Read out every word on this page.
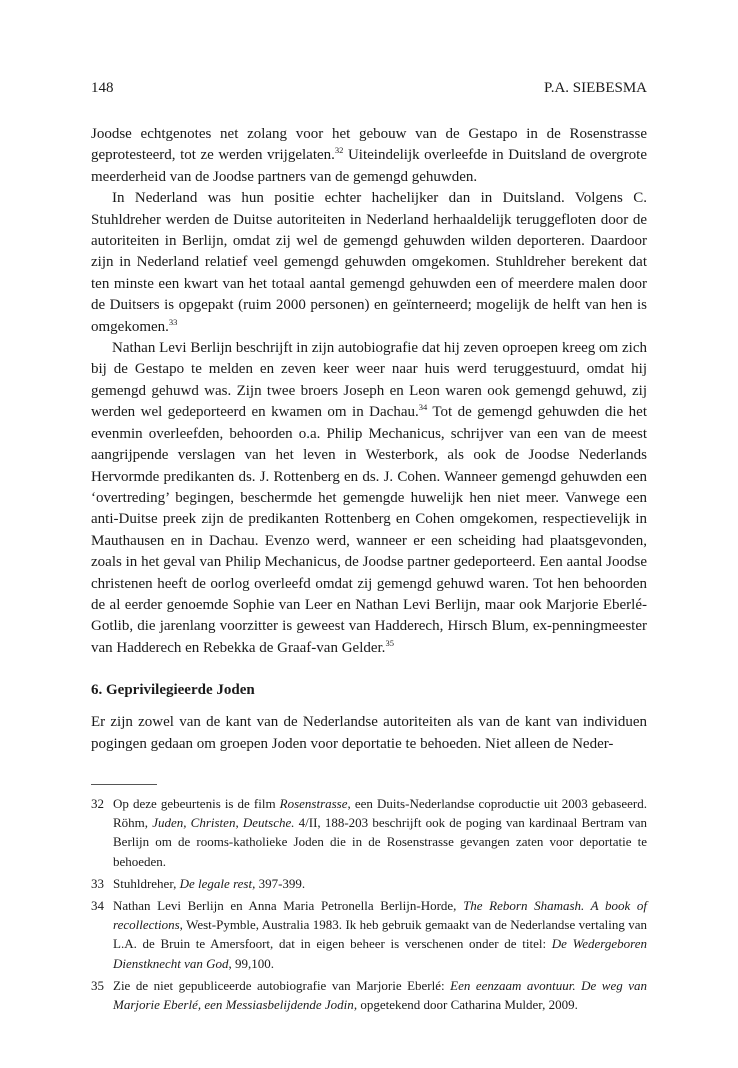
148	P.A. SIEBESMA

Joodse echtgenotes net zolang voor het gebouw van de Gestapo in de Rosenstrasse geprotesteerd, tot ze werden vrijgelaten.$^{32}$ Uiteindelijk overleefde in Duitsland de overgrote meerderheid van de Joodse partners van de gemengd gehuwden.

In Nederland was hun positie echter hachelijker dan in Duitsland. Volgens C. Stuhldreher werden de Duitse autoriteiten in Nederland herhaaldelijk teruggefloten door de autoriteiten in Berlijn, omdat zij wel de gemengd gehuwden wilden deporteren. Daardoor zijn in Nederland relatief veel gemengd gehuwden omgekomen. Stuhldreher berekent dat ten minste een kwart van het totaal aantal gemengd gehuwden een of meerdere malen door de Duitsers is opgepakt (ruim 2000 personen) en geïnterneerd; mogelijk de helft van hen is omgekomen.$^{33}$

Nathan Levi Berlijn beschrijft in zijn autobiografie dat hij zeven oproepen kreeg om zich bij de Gestapo te melden en zeven keer weer naar huis werd teruggestuurd, omdat hij gemengd gehuwd was. Zijn twee broers Joseph en Leon waren ook gemengd gehuwd, zij werden wel gedeporteerd en kwamen om in Dachau.$^{34}$ Tot de gemengd gehuwden die het evenmin overleefden, behoorden o.a. Philip Mechanicus, schrijver van een van de meest aangrijpende verslagen van het leven in Westerbork, als ook de Joodse Nederlands Hervormde predikanten ds. J. Rottenberg en ds. J. Cohen. Wanneer gemengd gehuwden een ‘overtreding’ begingen, beschermde het gemengde huwelijk hen niet meer. Vanwege een anti-Duitse preek zijn de predikanten Rottenberg en Cohen omgekomen, respectievelijk in Mauthausen en in Dachau. Evenzo werd, wanneer er een scheiding had plaatsgevonden, zoals in het geval van Philip Mechanicus, de Joodse partner gedeporteerd. Een aantal Joodse christenen heeft de oorlog overleefd omdat zij gemengd gehuwd waren. Tot hen behoorden de al eerder genoemde Sophie van Leer en Nathan Levi Berlijn, maar ook Marjorie Eberlé-Gotlib, die jarenlang voorzitter is geweest van Hadderech, Hirsch Blum, ex-penningmeester van Hadderech en Rebekka de Graaf-van Gelder.$^{35}$

6. Geprivilegieerde Joden

Er zijn zowel van de kant van de Nederlandse autoriteiten als van de kant van individuen pogingen gedaan om groepen Joden voor deportatie te behoeden. Niet alleen de Neder-

32 Op deze gebeurtenis is de film Rosenstrasse, een Duits-Nederlandse coproductie uit 2003 gebaseerd. Röhm, Juden, Christen, Deutsche. 4/II, 188-203 beschrijft ook de poging van kardinaal Bertram van Berlijn om de rooms-katholieke Joden die in de Rosenstrasse gevangen zaten voor deportatie te behoeden.
33 Stuhldreher, De legale rest, 397-399.
34 Nathan Levi Berlijn en Anna Maria Petronella Berlijn-Horde, The Reborn Shamash. A book of recollections, West-Pymble, Australia 1983. Ik heb gebruik gemaakt van de Nederlandse vertaling van L.A. de Bruin te Amersfoort, dat in eigen beheer is verschenen onder de titel: De Wedergeboren Dienstknecht van God, 99,100.
35 Zie de niet gepubliceerde autobiografie van Marjorie Eberlé: Een eenzaam avontuur. De weg van Marjorie Eberlé, een Messiasbelijdende Jodin, opgetekend door Catharina Mulder, 2009.
